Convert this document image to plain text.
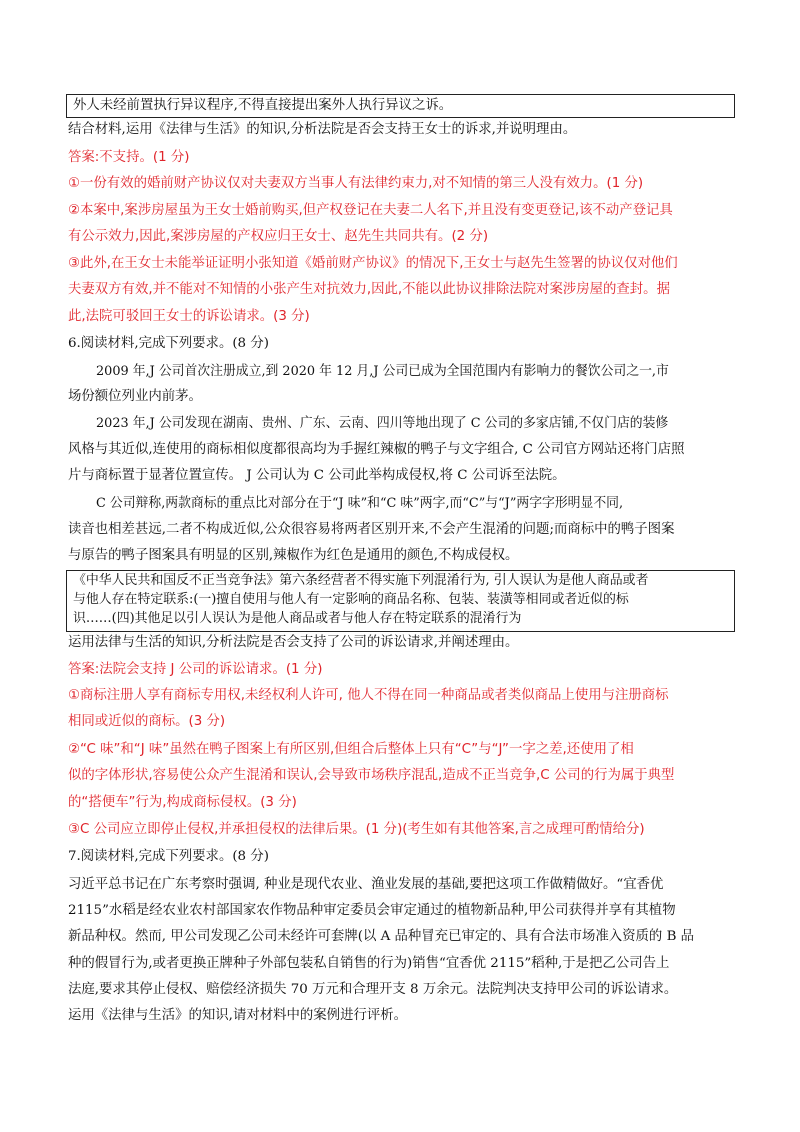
外人未经前置执行异议程序,不得直接提出案外人执行异议之诉。
结合材料,运用《法律与生活》的知识,分析法院是否会支持王女士的诉求,并说明理由。
答案:不支持。(1 分)
①一份有效的婚前财产协议仅对夫妻双方当事人有法律约束力,对不知情的第三人没有效力。(1 分)
②本案中,案涉房屋虽为王女士婚前购买,但产权登记在夫妻二人名下,并且没有变更登记,该不动产登记具
有公示效力,因此,案涉房屋的产权应归王女士、赵先生共同共有。(2 分)
③此外,在王女士未能举证证明小张知道《婚前财产协议》的情况下,王女士与赵先生签署的协议仅对他们
夫妻双方有效,并不能对不知情的小张产生对抗效力,因此,不能以此协议排除法院对案涉房屋的查封。据
此,法院可驳回王女士的诉讼请求。(3 分)
6.阅读材料,完成下列要求。(8 分)
2009 年,J 公司首次注册成立,到 2020 年 12 月,J 公司已成为全国范围内有影响力的餐饮公司之一,市
场份额位列业内前茅。
2023 年,J 公司发现在湖南、贵州、广东、云南、四川等地出现了 C 公司的多家店铺,不仅门店的装修
风格与其近似,连使用的商标相似度都很高均为手握红辣椒的鸭子与文字组合, C 公司官方网站还将门店照
片与商标置于显著位置宣传。 J 公司认为 C 公司此举构成侵权,将 C 公司诉至法院。
C 公司辩称,两款商标的重点比对部分在于“J 味”和“C 味”两字,而“C”与“J”两字字形明显不同,
读音也相差甚远,二者不构成近似,公众很容易将两者区别开来,不会产生混淆的问题;而商标中的鸭子图案
与原告的鸭子图案具有明显的区别,辣椒作为红色是通用的颜色,不构成侵权。
《中华人民共和国反不正当竞争法》第六条经营者不得实施下列混淆行为, 引人误认为是他人商品或者
与他人存在特定联系:(一)擅自使用与他人有一定影响的商品名称、包装、装潢等相同或者近似的标
识……(四)其他足以引人误认为是他人商品或者与他人存在特定联系的混淆行为
运用法律与生活的知识,分析法院是否会支持了公司的诉讼请求,并阐述理由。
答案:法院会支持 J 公司的诉讼请求。(1 分)
①商标注册人享有商标专用权,未经权利人许可, 他人不得在同一种商品或者类似商品上使用与注册商标
相同或近似的商标。(3 分)
②“C 味”和“J 味”虽然在鸭子图案上有所区别,但组合后整体上只有“C”与“J”一字之差,还使用了相
似的字体形状,容易使公众产生混淆和误认,会导致市场秩序混乱,造成不正当竞争,C 公司的行为属于典型
的“搭便车”行为,构成商标侵权。(3 分)
③C 公司应立即停止侵权,并承担侵权的法律后果。(1 分)(考生如有其他答案,言之成理可酌情给分)
7.阅读材料,完成下列要求。(8 分)
习近平总书记在广东考察时强调, 种业是现代农业、渔业发展的基础,要把这项工作做精做好。“宜香优
2115”水稻是经农业农村部国家农作物品种审定委员会审定通过的植物新品种,甲公司获得并享有其植物
新品种权。然而, 甲公司发现乙公司未经许可套牌(以 A 品种冒充已审定的、具有合法市场准入资质的 B 品
种的假冒行为,或者更换正牌种子外部包装私自销售的行为)销售“宜香优 2115”稻种,于是把乙公司告上
法庭,要求其停止侵权、赔偿经济损失 70 万元和合理开支 8 万余元。法院判决支持甲公司的诉讼请求。
运用《法律与生活》的知识,请对材料中的案例进行评析。
